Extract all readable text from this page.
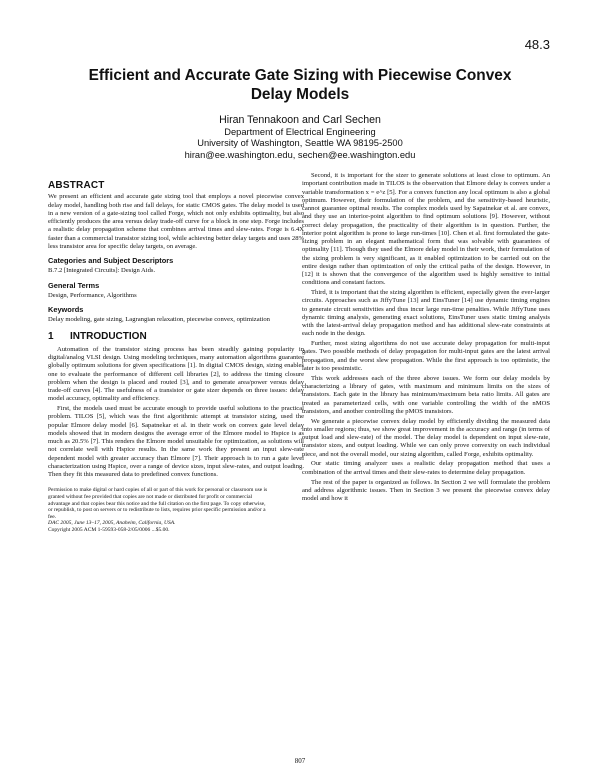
48.3
Efficient and Accurate Gate Sizing with Piecewise Convex
Delay Models
Hiran Tennakoon and Carl Sechen
Department of Electrical Engineering
University of Washington, Seattle WA 98195-2500
hiran@ee.washington.edu, sechen@ee.washington.edu
ABSTRACT

We present an efficient and accurate gate sizing tool that employs a novel piecewise convex delay model, handling both rise and fall delays, for static CMOS gates. The delay model is used in a new version of a gate-sizing tool called Forge, which not only exhibits optimality, but also efficiently produces the area versus delay trade-off curve for a block in one step. Forge includes a realistic delay propagation scheme that combines arrival times and slew-rates. Forge is 6.4X faster than a commercial transistor sizing tool, while achieving better delay targets and uses 28% less transistor area for specific delay targets, on average.

Categories and Subject Descriptors

B.7.2 [Integrated Circuits]: Design Aids.

General Terms

Design, Performance, Algorithms

Keywords

Delay modeling, gate sizing, Lagrangian relaxation, piecewise convex, optimization

1 INTRODUCTION

Automation of the transistor sizing process has been steadily gaining popularity in digital/analog VLSI design. Using modeling techniques, many automation algorithms guarantee globally optimum solutions for given specifications [1]. In digital CMOS design, sizing enables one to evaluate the performance of different cell libraries [2], to address the timing closure problem when the design is placed and routed [3], and to generate area/power versus delay trade-off curves [4]. The usefulness of a transistor or gate sizer depends on three issues: delay model accuracy, optimality and efficiency.

First, the models used must be accurate enough to provide useful solutions to the practical problem. TILOS [5], which was the first algorithmic attempt at transistor sizing, used the popular Elmore delay model [6]. Sapatnekar et al. in their work on convex gate level delay models showed that in modern designs the average error of the Elmore model to Hspice is as much as 20.5% [7]. This renders the Elmore model unsuitable for optimization, as solutions will not correlate well with Hspice results. In the same work they present an input slew-rate dependent model with greater accuracy than Elmore [7]. Their approach is to run a gate level characterization using Hspice, over a range of device sizes, input slew-rates, and output loading. Then they fit this measured data to predefined convex functions.

Permission to make digital or hard copies of all or part of this work for personal or classroom use is granted without fee provided that copies are not made or distributed for profit or commercial advantage and that copies bear this notice and the full citation on the first page. To copy otherwise, or republish, to post on servers or to redistribute to lists, requires prior specific permission and/or a fee.
DAC 2005, June 13–17, 2005, Anaheim, California, USA.
Copyright 2005 ACM 1-59593-058-2/05/0006 ...$5.00.

Second, it is important for the sizer to generate solutions at least close to optimum. An important contribution made in TILOS is the observation that Elmore delay is convex under a variable transformation x = e^z [5]. For a convex function any local optimum is also a global optimum. However, their formulation of the problem, and the sensitivity-based heuristic, cannot guarantee optimal results. The complex models used by Sapatnekar et al. are convex, and they use an interior-point algorithm to find optimum solutions [9]. However, without correct delay propagation, the practicality of their algorithm is in question. Further, the interior point algorithm is prone to large run-times [10]. Chen et al. first formulated the gate-sizing problem in an elegant mathematical form that was solvable with guarantees of optimality [11]. Though they used the Elmore delay model in their work, their formulation of the sizing problem is very significant, as it enabled optimization to be carried out on the entire design rather than optimization of only the critical paths of the design. However, in [12] it is shown that the convergence of the algorithm used is highly sensitive to initial conditions and constant factors.

Third, it is important that the sizing algorithm is efficient, especially given the ever-larger circuits. Approaches such as JiffyTune [13] and EinsTuner [14] use dynamic timing engines to generate circuit sensitivities and thus incur large run-time penalties. While JiffyTune uses dynamic timing analysis, generating exact solutions, EinsTuner uses static timing analysis with the latest-arrival delay propagation method and has additional slew-rate constraints at each node in the design.

Further, most sizing algorithms do not use accurate delay propagation for multi-input gates. Two possible methods of delay propagation for multi-input gates are the latest arrival propagation, and the worst slew propagation. While the first approach is too optimistic, the later is too pessimistic.

This work addresses each of the three above issues. We form our delay models by characterizing a library of gates, with maximum and minimum limits on the sizes of transistors. Each gate in the library has minimum/maximum beta ratio limits. All gates are treated as parameterized cells, with one variable controlling the width of the nMOS transistors, and another controlling the pMOS transistors.

We generate a piecewise convex delay model by efficiently dividing the measured data into smaller regions; thus, we show great improvement in the accuracy and range (in terms of output load and slew-rate) of the model. The delay model is dependent on input slew-rate, transistor sizes, and output loading. While we can only prove convexity on each individual piece, and not the overall model, our sizing algorithm, called Forge, exhibits optimality.

Our static timing analyzer uses a realistic delay propagation method that uses a combination of the arrival times and their slew-rates to determine delay propagation.

The rest of the paper is organized as follows. In Section 2 we will formulate the problem and address algorithmic issues. Then in Section 3 we present the piecewise convex delay model and how it

807
